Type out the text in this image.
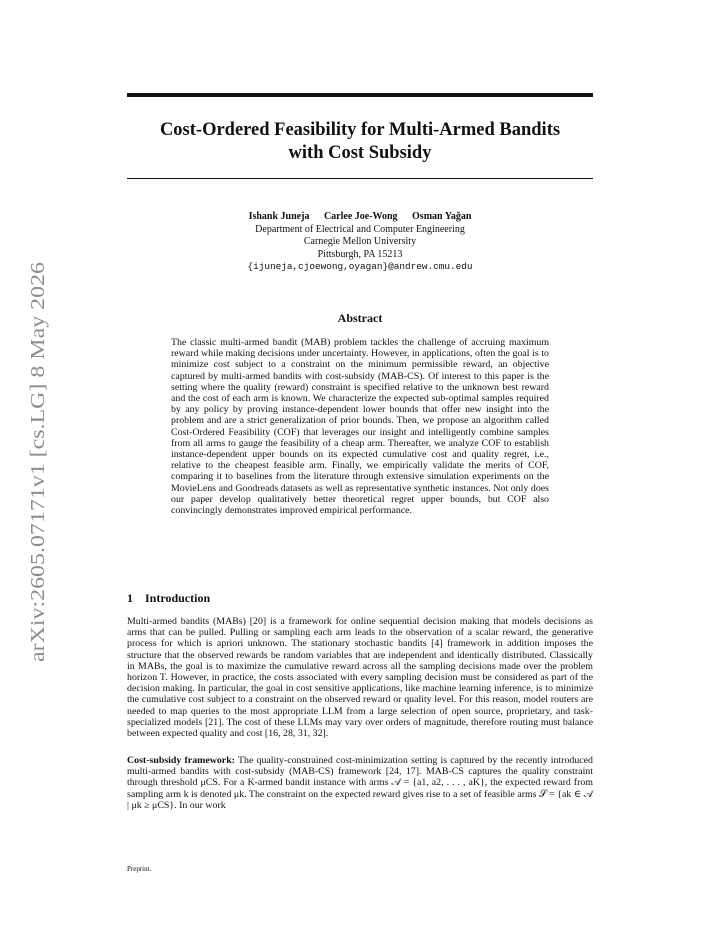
arXiv:2605.07171v1 [cs.LG] 8 May 2026
Cost-Ordered Feasibility for Multi-Armed Bandits
with Cost Subsidy
Ishank Juneja Carlee Joe-Wong Osman Yağan
Department of Electrical and Computer Engineering
Carnegie Mellon University
Pittsburgh, PA 15213
{ijuneja,cjoewong,oyagan}@andrew.cmu.edu
Abstract
The classic multi-armed bandit (MAB) problem tackles the challenge of accruing maximum reward while making decisions under uncertainty. However, in applications, often the goal is to minimize cost subject to a constraint on the minimum permissible reward, an objective captured by multi-armed bandits with cost-subsidy (MAB-CS). Of interest to this paper is the setting where the quality (reward) constraint is specified relative to the unknown best reward and the cost of each arm is known. We characterize the expected sub-optimal samples required by any policy by proving instance-dependent lower bounds that offer new insight into the problem and are a strict generalization of prior bounds. Then, we propose an algorithm called Cost-Ordered Feasibility (COF) that leverages our insight and intelligently combine samples from all arms to gauge the feasibility of a cheap arm. Thereafter, we analyze COF to establish instance-dependent upper bounds on its expected cumulative cost and quality regret, i.e., relative to the cheapest feasible arm. Finally, we empirically validate the merits of COF, comparing it to baselines from the literature through extensive simulation experiments on the MovieLens and Goodreads datasets as well as representative synthetic instances. Not only does our paper develop qualitatively better theoretical regret upper bounds, but COF also convincingly demonstrates improved empirical performance.
1 Introduction
Multi-armed bandits (MABs) [20] is a framework for online sequential decision making that models decisions as arms that can be pulled. Pulling or sampling each arm leads to the observation of a scalar reward, the generative process for which is apriori unknown. The stationary stochastic bandits [4] framework in addition imposes the structure that the observed rewards be random variables that are independent and identically distributed. Classically in MABs, the goal is to maximize the cumulative reward across all the sampling decisions made over the problem horizon T. However, in practice, the costs associated with every sampling decision must be considered as part of the decision making. In particular, the goal in cost sensitive applications, like machine learning inference, is to minimize the cumulative cost subject to a constraint on the observed reward or quality level. For this reason, model routers are needed to map queries to the most appropriate LLM from a large selection of open source, proprietary, and task-specialized models [21]. The cost of these LLMs may vary over orders of magnitude, therefore routing must balance between expected quality and cost [16, 28, 31, 32].
Cost-subsidy framework: The quality-constrained cost-minimization setting is captured by the recently introduced multi-armed bandits with cost-subsidy (MAB-CS) framework [24, 17]. MAB-CS captures the quality constraint through threshold μCS. For a K-armed bandit instance with arms 𝒜 = {a1, a2, . . . , aK}, the expected reward from sampling arm k is denoted μk. The constraint on the expected reward gives rise to a set of feasible arms 𝒮 = {ak ∈ 𝒜 | μk ≥ μCS}. In our work
Preprint.
